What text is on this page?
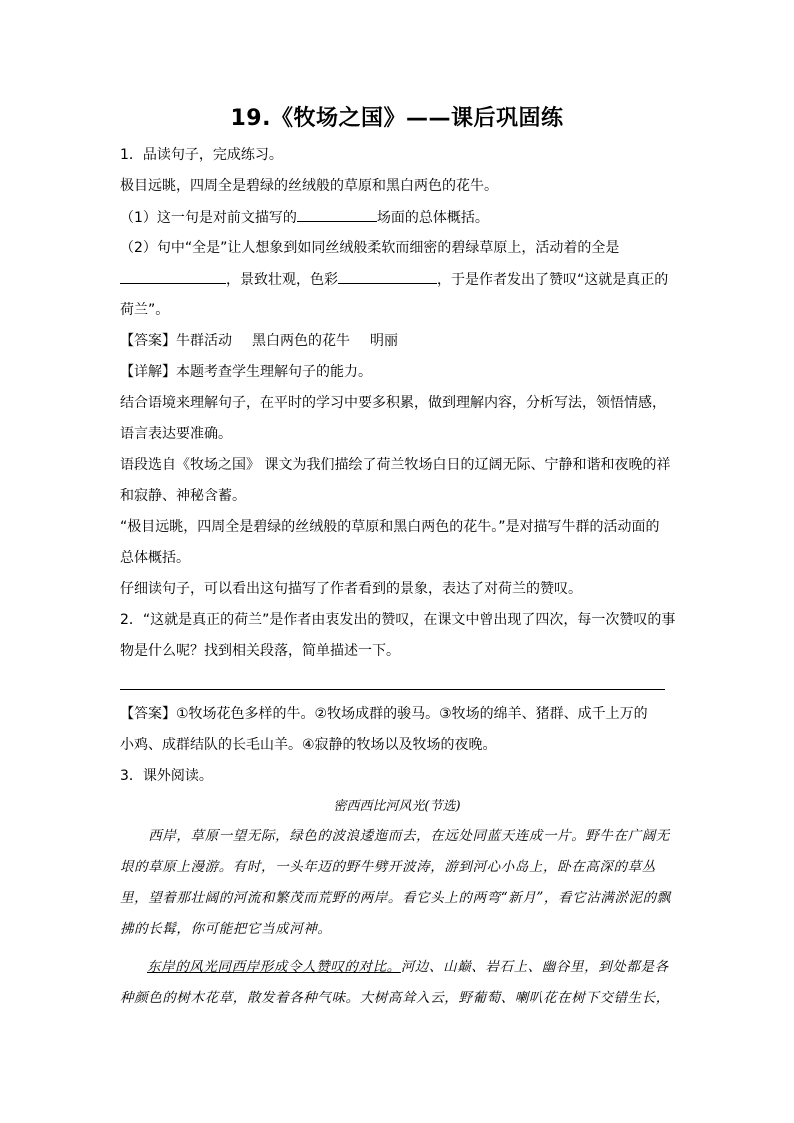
19.《牧场之国》——课后巩固练
1．品读句子，完成练习。
极目远眺，四周全是碧绿的丝绒般的草原和黑白两色的花牛。
（1）这一句是对前文描写的	场面的总体概括。
（2）句中“全是”让人想象到如同丝绒般柔软而细密的碧绿草原上，活动着的全是
，景致壮观，色彩	，于是作者发出了赞叹“这就是真正的
荷兰”。
【答案】牛群活动 黑白两色的花牛 明丽
【详解】本题考查学生理解句子的能力。
结合语境来理解句子，在平时的学习中要多积累，做到理解内容，分析写法，领悟情感，
语言表达要准确。
语段选自《牧场之国》 课文为我们描绘了荷兰牧场白日的辽阔无际、宁静和谐和夜晚的祥
和寂静、神秘含蓄。
“极目远眺，四周全是碧绿的丝绒般的草原和黑白两色的花牛。”是对描写牛群的活动面的
总体概括。
仔细读句子，可以看出这句描写了作者看到的景象，表达了对荷兰的赞叹。
2．“这就是真正的荷兰”是作者由衷发出的赞叹，在课文中曾出现了四次，每一次赞叹的事
物是什么呢？找到相关段落，简单描述一下。
【答案】①牧场花色多样的牛。②牧场成群的骏马。③牧场的绵羊、猪群、成千上万的
小鸡、成群结队的长毛山羊。④寂静的牧场以及牧场的夜晚。
3．课外阅读。
密西西比河风光(节选)
　　西岸，草原一望无际，绿色的波浪逶迤而去，在远处同蓝天连成一片。野牛在广阔无
垠的草原上漫游。有时，一头年迈的野牛劈开波涛，游到河心小岛上，卧在高深的草丛
里，望着那壮阔的河流和繁茂而荒野的两岸。看它头上的两弯“新月”，看它沾满淤泥的飘
拂的长髯，你可能把它当成河神。
东岸的风光同西岸形成令人赞叹的对比。河边、山巅、岩石上、幽谷里，到处都是各
种颜色的树木花草，散发着各种气味。大树高耸入云，野葡萄、喇叭花在树下交错生长，
